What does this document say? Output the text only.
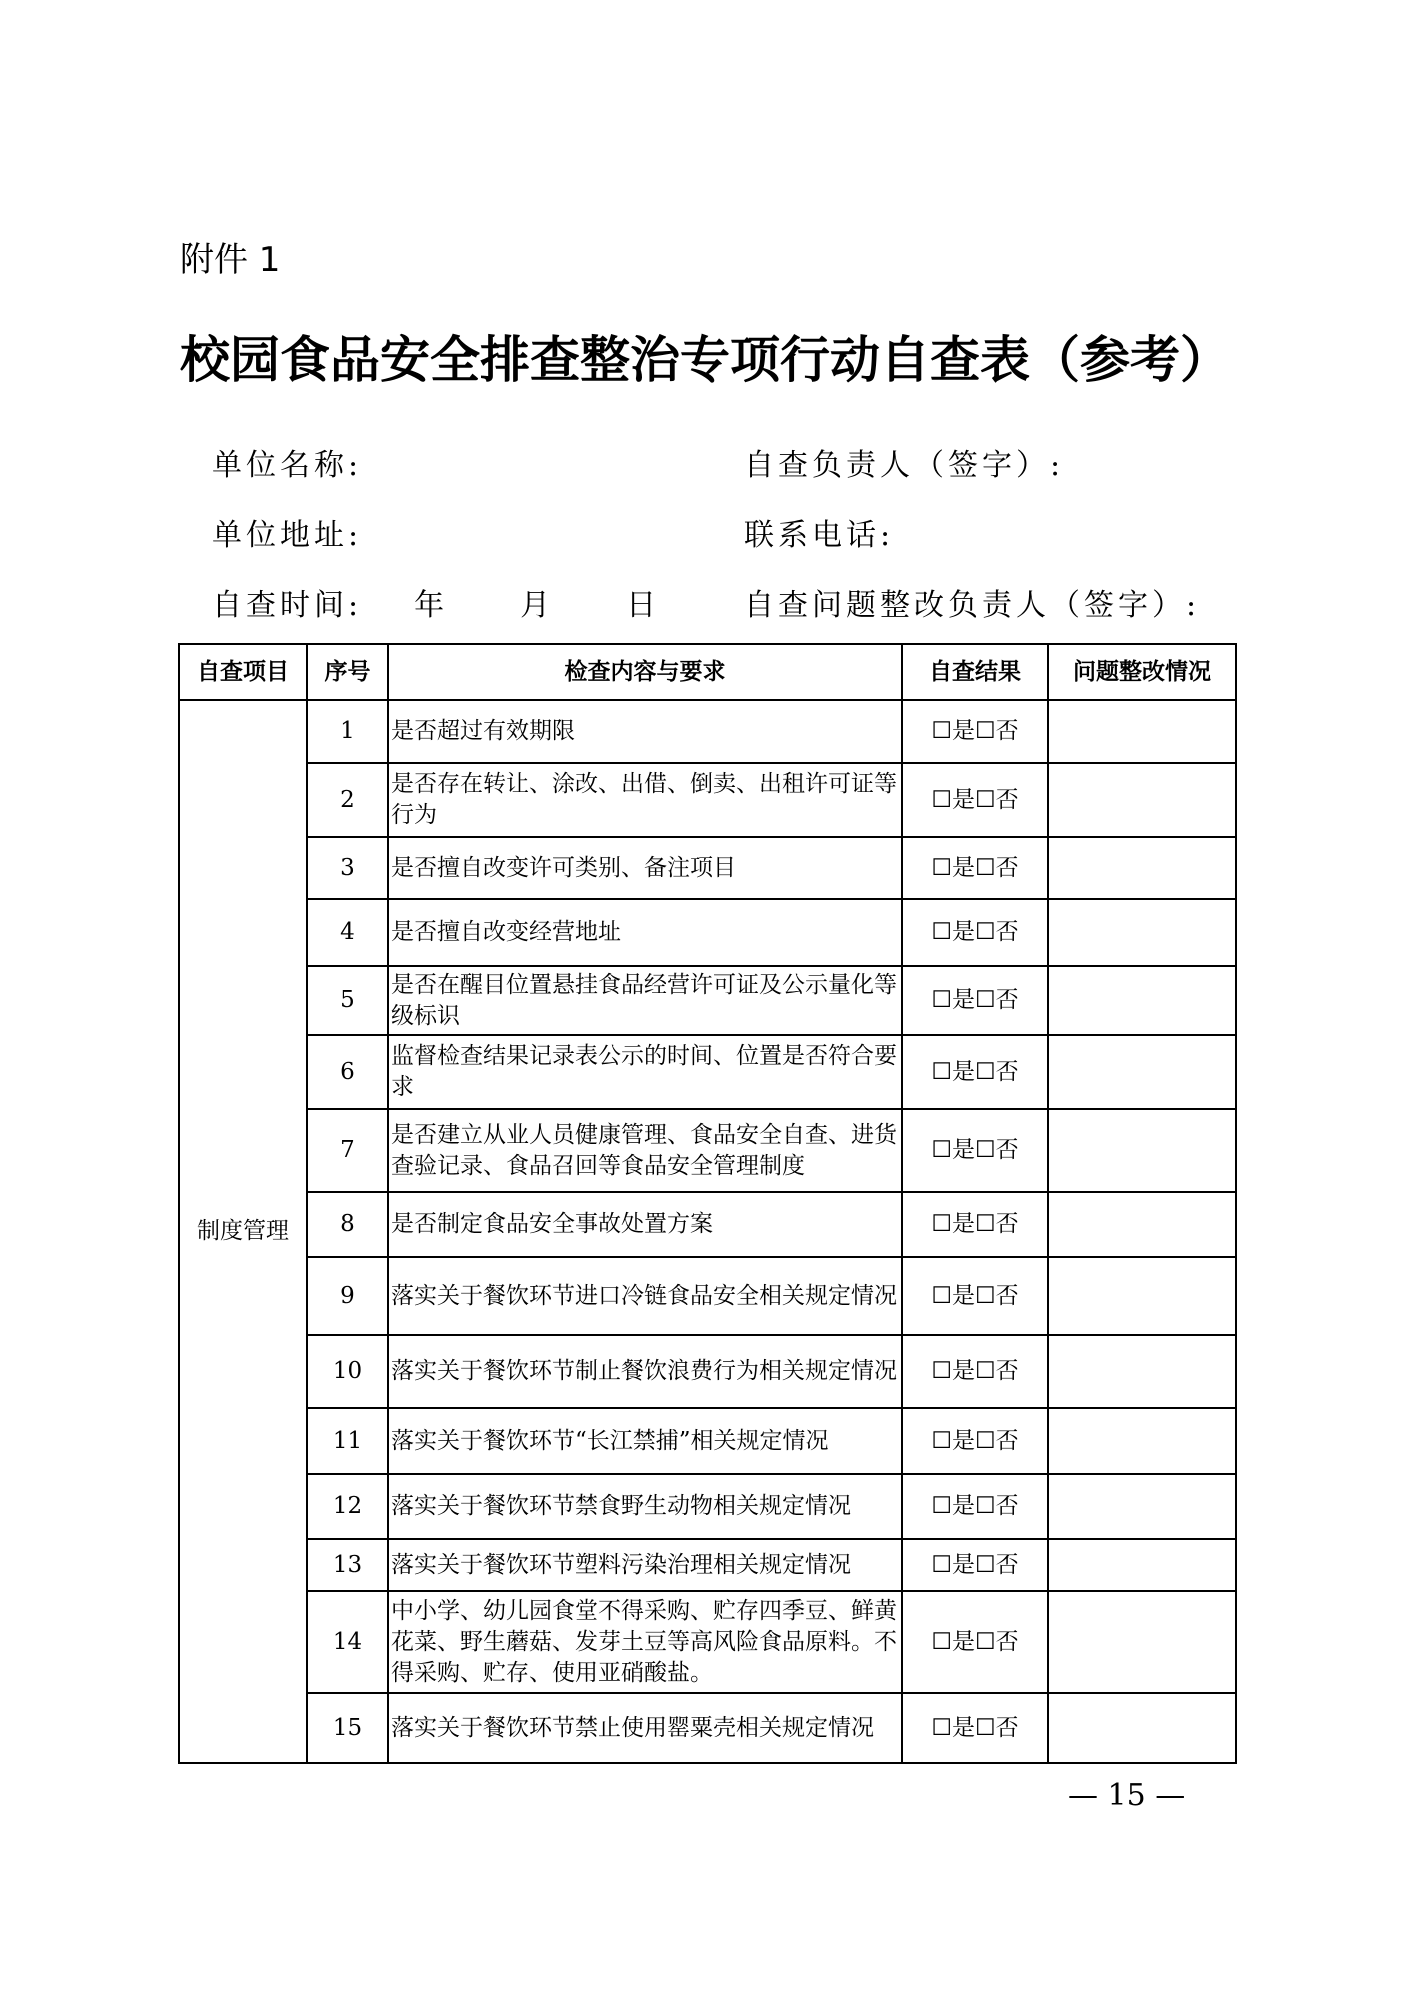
附件 1
校园食品安全排查整治专项行动自查表（参考）
单位名称:	自查负责人（签字）:
单位地址:	联系电话:
自查时间: 年 月 日	自查问题整改负责人（签字）:
自查项目	序号	检查内容与要求	自查结果	问题整改情况
制度管理	1	是否超过有效期限	☐是☐否	
	2	是否存在转让、涂改、出借、倒卖、出租许可证等行为	☐是☐否	
	3	是否擅自改变许可类别、备注项目	☐是☐否	
	4	是否擅自改变经营地址	☐是☐否	
	5	是否在醒目位置悬挂食品经营许可证及公示量化等级标识	☐是☐否	
	6	监督检查结果记录表公示的时间、位置是否符合要求	☐是☐否	
	7	是否建立从业人员健康管理、食品安全自查、进货查验记录、食品召回等食品安全管理制度	☐是☐否	
	8	是否制定食品安全事故处置方案	☐是☐否	
	9	落实关于餐饮环节进口冷链食品安全相关规定情况	☐是☐否	
	10	落实关于餐饮环节制止餐饮浪费行为相关规定情况	☐是☐否	
	11	落实关于餐饮环节“长江禁捕”相关规定情况	☐是☐否	
	12	落实关于餐饮环节禁食野生动物相关规定情况	☐是☐否	
	13	落实关于餐饮环节塑料污染治理相关规定情况	☐是☐否	
	14	中小学、幼儿园食堂不得采购、贮存四季豆、鲜黄花菜、野生蘑菇、发芽土豆等高风险食品原料。不得采购、贮存、使用亚硝酸盐。	☐是☐否	
	15	落实关于餐饮环节禁止使用罂粟壳相关规定情况	☐是☐否	
— 15 —
